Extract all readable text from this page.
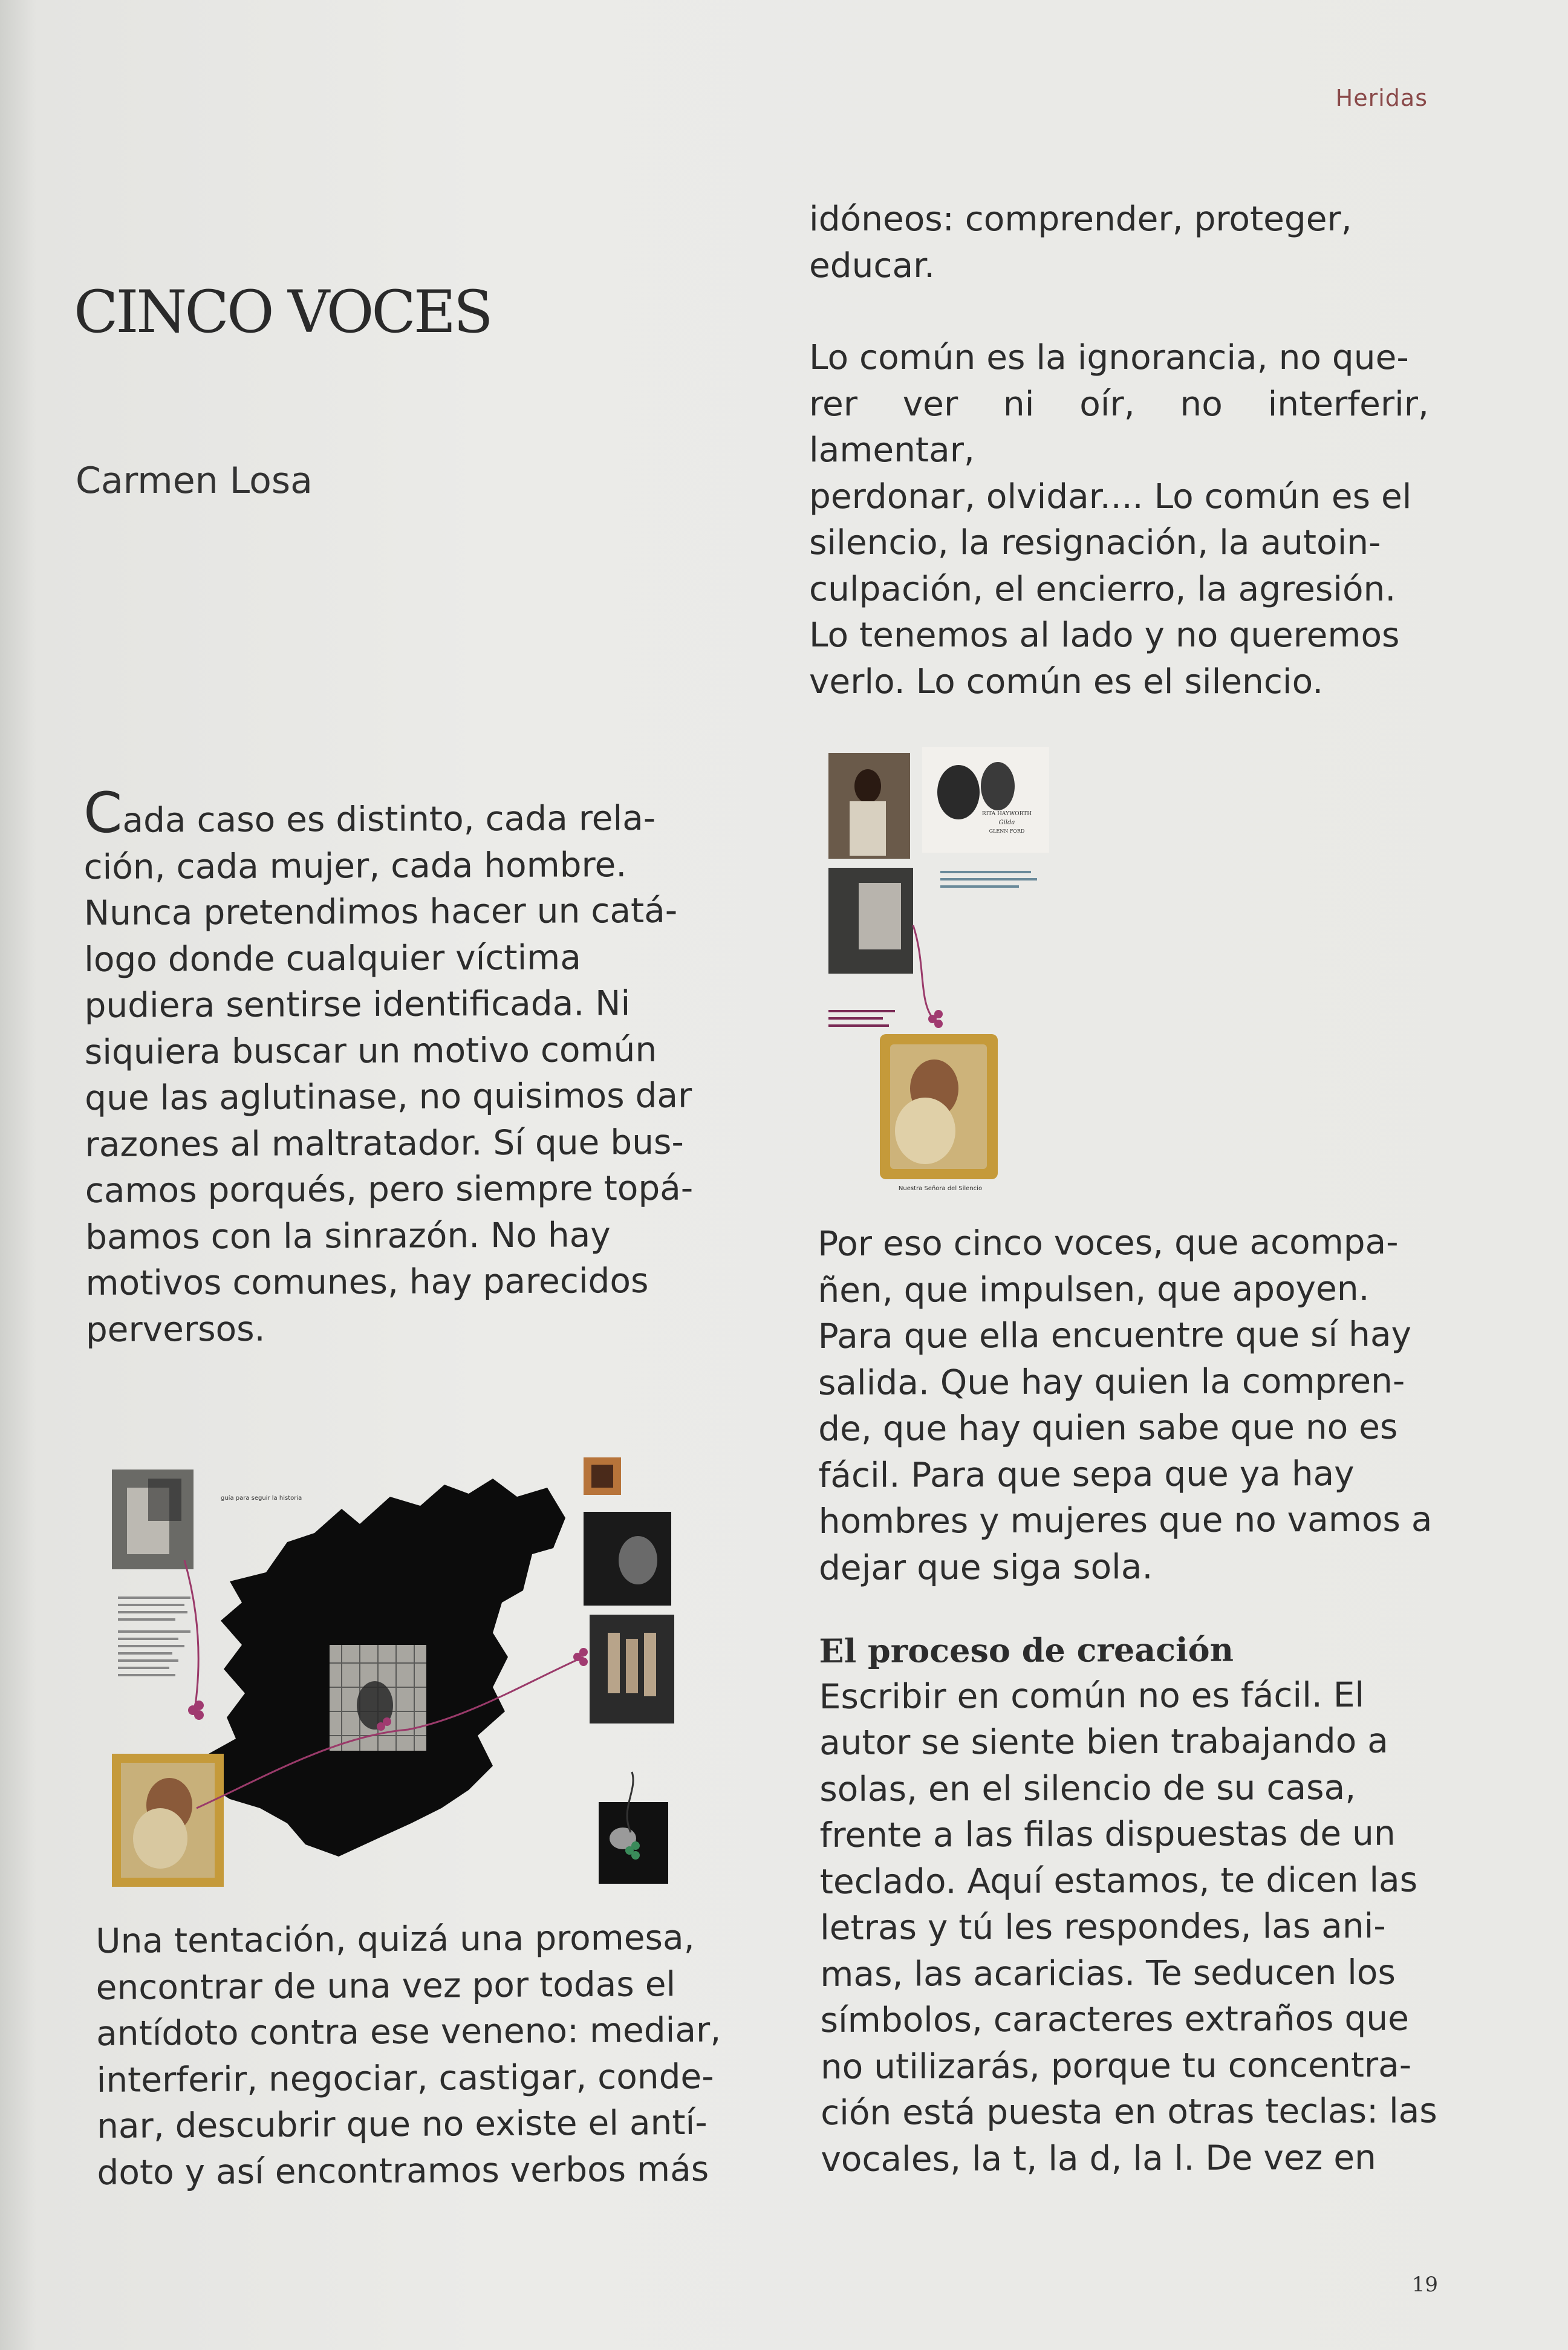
Heridas
CINCO VOCES
Carmen Losa
Cada caso es distinto, cada rela-
ción, cada mujer, cada hombre.
Nunca pretendimos hacer un catá-
logo donde cualquier víctima
pudiera sentirse identificada. Ni
siquiera buscar un motivo común
que las aglutinase, no quisimos dar
razones al maltratador. Sí que bus-
camos porqués, pero siempre topá-
bamos con la sinrazón. No hay
motivos comunes, hay parecidos
perversos.
guía para seguir la historia
Una tentación, quizá una promesa,
encontrar de una vez por todas el
antídoto contra ese veneno: mediar,
interferir, negociar, castigar, conde-
nar, descubrir que no existe el antí-
doto y así encontramos verbos más
idóneos: comprender, proteger,
educar.
Lo común es la ignorancia, no que-
rer ver ni oír, no interferir, lamentar,
perdonar, olvidar.... Lo común es el
silencio, la resignación, la autoin-
culpación, el encierro, la agresión.
Lo tenemos al lado y no queremos
verlo. Lo común es el silencio.
RITA HAYWORTH
Gilda
GLENN FORD
Nuestra Señora del Silencio
Por eso cinco voces, que acompa-
ñen, que impulsen, que apoyen.
Para que ella encuentre que sí hay
salida. Que hay quien la compren-
de, que hay quien sabe que no es
fácil. Para que sepa que ya hay
hombres y mujeres que no vamos a
dejar que siga sola.

El proceso de creación

Escribir en común no es fácil. El
autor se siente bien trabajando a
solas, en el silencio de su casa,
frente a las filas dispuestas de un
teclado. Aquí estamos, te dicen las
letras y tú les respondes, las ani-
mas, las acaricias. Te seducen los
símbolos, caracteres extraños que
no utilizarás, porque tu concentra-
ción está puesta en otras teclas: las
vocales, la t, la d, la l. De vez en
19
